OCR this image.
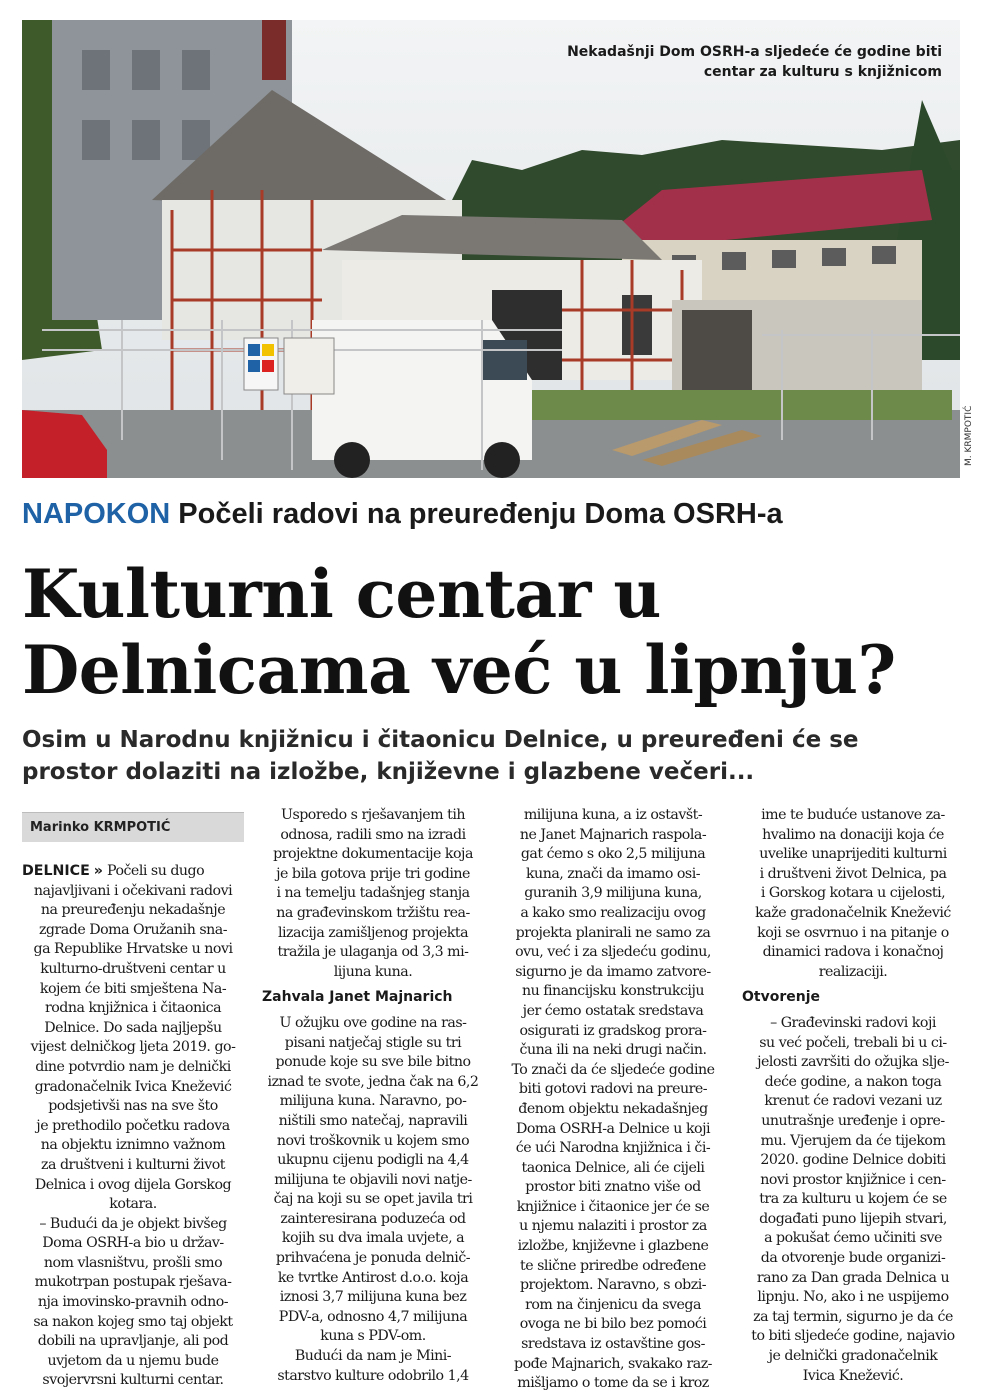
Nekadašnji Dom OSRH-a sljedeće će godine biti
centar za kulturu s knjižnicom
M. KRMPOTIĆ
NAPOKON Počeli radovi na preuređenju Doma OSRH-a
Kulturni centar u
Delnicama već u lipnju?
Osim u Narodnu knjižnicu i čitaonicu Delnice, u preuređeni će se
prostor dolaziti na izložbe, književne i glazbene večeri...
Marinko KRMPOTIĆ
DELNICE » Počeli su dugo
najavljivani i očekivani radovi
na preuređenju nekadašnje
zgrade Doma Oružanih sna-
ga Republike Hrvatske u novi
kulturno-društveni centar u
kojem će biti smještena Na-
rodna knjižnica i čitaonica
Delnice. Do sada najljepšu
vijest delničkog ljeta 2019. go-
dine potvrdio nam je delnički
gradonačelnik Ivica Knežević
podsjetivši nas na sve što
je prethodilo početku radova
na objektu iznimno važnom
za društveni i kulturni život
Delnica i ovog dijela Gorskog
kotara.
– Budući da je objekt bivšeg
Doma OSRH-a bio u držav-
nom vlasništvu, prošli smo
mukotrpan postupak rješava-
nja imovinsko-pravnih odno-
sa nakon kojeg smo taj objekt
dobili na upravljanje, ali pod
uvjetom da u njemu bude
svojervrsni kulturni centar.
Usporedo s rješavanjem tih
odnosa, radili smo na izradi
projektne dokumentacije koja
je bila gotova prije tri godine
i na temelju tadašnjeg stanja
na građevinskom tržištu rea-
lizacija zamišljenog projekta
tražila je ulaganja od 3,3 mi-
lijuna kuna.
Zahvala Janet Majnarich
U ožujku ove godine na ras-
pisani natječaj stigle su tri
ponude koje su sve bile bitno
iznad te svote, jedna čak na 6,2
milijuna kuna. Naravno, po-
ništili smo natečaj, napravili
novi troškovnik u kojem smo
ukupnu cijenu podigli na 4,4
milijuna te objavili novi natje-
čaj na koji su se opet javila tri
zainteresirana poduzeća od
kojih su dva imala uvjete, a
prihvaćena je ponuda delnič-
ke tvrtke Antirost d.o.o. koja
iznosi 3,7 milijuna kuna bez
PDV-a, odnosno 4,7 milijuna
kuna s PDV-om.
Budući da nam je Mini-
starstvo kulture odobrilo 1,4
milijuna kuna, a iz ostavšt-
ne Janet Majnarich raspola-
gat ćemo s oko 2,5 milijuna
kuna, znači da imamo osi-
guranih 3,9 milijuna kuna,
a kako smo realizaciju ovog
projekta planirali ne samo za
ovu, već i za sljedeću godinu,
sigurno je da imamo zatvore-
nu financijsku konstrukciju
jer ćemo ostatak sredstava
osigurati iz gradskog prora-
čuna ili na neki drugi način.
To znači da će sljedeće godine
biti gotovi radovi na preure-
đenom objektu nekadašnjeg
Doma OSRH-a Delnice u koji
će ući Narodna knjižnica i či-
taonica Delnice, ali će cijeli
prostor biti znatno više od
knjižnice i čitaonice jer će se
u njemu nalaziti i prostor za
izložbe, književne i glazbene
te slične priredbe određene
projektom. Naravno, s obzi-
rom na činjenicu da svega
ovoga ne bi bilo bez pomoći
sredstava iz ostavštine gos-
pođe Majnarich, svakako raz-
mišljamo o tome da se i kroz
ime te buduće ustanove za-
hvalimo na donaciji koja će
uvelike unaprijediti kulturni
i društveni život Delnica, pa
i Gorskog kotara u cijelosti,
kaže gradonačelnik Knežević
koji se osvrnuo i na pitanje o
dinamici radova i konačnoj
realizaciji.
Otvorenje
– Građevinski radovi koji
su već počeli, trebali bi u ci-
jelosti završiti do ožujka slje-
deće godine, a nakon toga
krenut će radovi vezani uz
unutrašnje uređenje i opre-
mu. Vjerujem da će tijekom
2020. godine Delnice dobiti
novi prostor knjižnice i cen-
tra za kulturu u kojem će se
događati puno lijepih stvari,
a pokušat ćemo učiniti sve
da otvorenje bude organizi-
rano za Dan grada Delnica u
lipnju. No, ako i ne uspijemo
za taj termin, sigurno je da će
to biti sljedeće godine, najavio
je delnički gradonačelnik
Ivica Knežević.
